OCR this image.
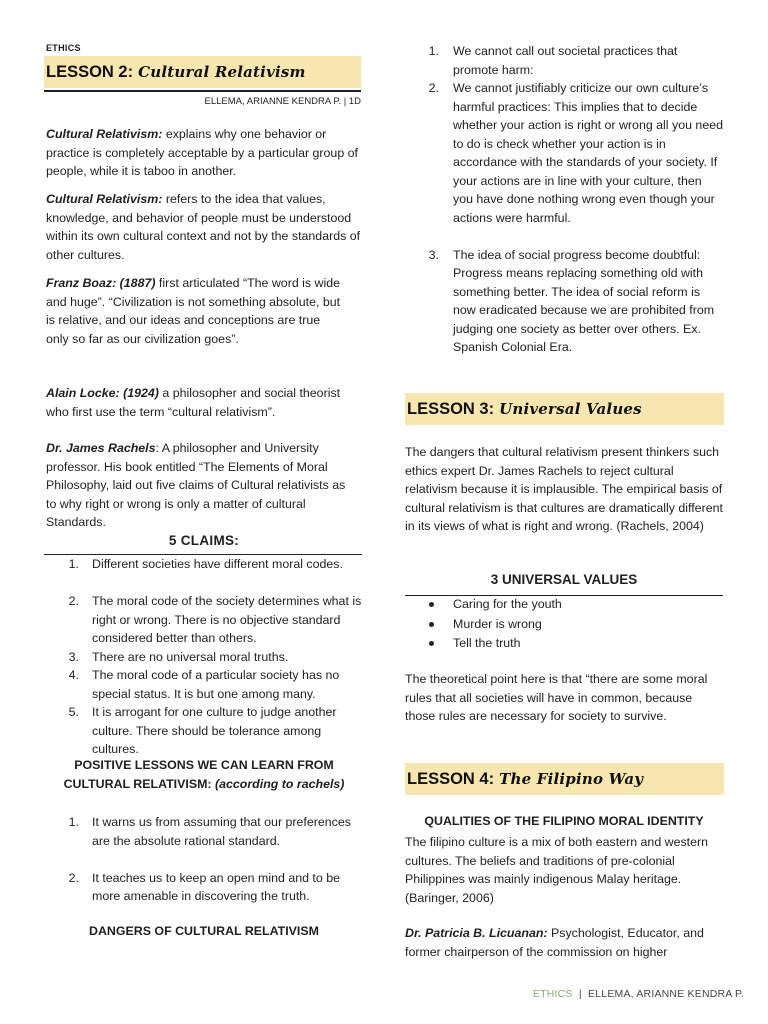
ETHICS
LESSON 2: Cultural Relativism
ELLEMA, ARIANNE KENDRA P. | 1D

Cultural Relativism: explains why one behavior or practice is completely acceptable by a particular group of people, while it is taboo in another.

Cultural Relativism: refers to the idea that values, knowledge, and behavior of people must be understood within its own cultural context and not by the standards of other cultures.

Franz Boaz: (1887) first articulated “The word is wide and huge”. “Civilization is not something absolute, but is relative, and our ideas and conceptions are true only so far as our civilization goes”.

Alain Locke: (1924) a philosopher and social theorist who first use the term “cultural relativism”.

Dr. James Rachels: A philosopher and University professor. His book entitled “The Elements of Moral Philosophy, laid out five claims of Cultural relativists as to why right or wrong is only a matter of cultural Standards.

5 CLAIMS:
1. Different societies have different moral codes.
2. The moral code of the society determines what is right or wrong. There is no objective standard considered better than others.
3. There are no universal moral truths.
4. The moral code of a particular society has no special status. It is but one among many.
5. It is arrogant for one culture to judge another culture. There should be tolerance among cultures.
POSITIVE LESSONS WE CAN LEARN FROM CULTURAL RELATIVISM: (according to rachels)
1. It warns us from assuming that our preferences are the absolute rational standard.
2. It teaches us to keep an open mind and to be more amenable in discovering the truth.
DANGERS OF CULTURAL RELATIVISM
1. We cannot call out societal practices that promote harm:
2. We cannot justifiably criticize our own culture’s harmful practices: This implies that to decide whether your action is right or wrong all you need to do is check whether your action is in accordance with the standards of your society. If your actions are in line with your culture, then you have done nothing wrong even though your actions were harmful.
3. The idea of social progress become doubtful: Progress means replacing something old with something better. The idea of social reform is now eradicated because we are prohibited from judging one society as better over others. Ex. Spanish Colonial Era.
LESSON 3: Universal Values

The dangers that cultural relativism present thinkers such ethics expert Dr. James Rachels to reject cultural relativism because it is implausible. The empirical basis of cultural relativism is that cultures are dramatically different in its views of what is right and wrong. (Rachels, 2004)

3 UNIVERSAL VALUES
Caring for the youth
Murder is wrong
Tell the truth

The theoretical point here is that “there are some moral rules that all societies will have in common, because those rules are necessary for society to survive.

LESSON 4: The Filipino Way
QUALITIES OF THE FILIPINO MORAL IDENTITY

The filipino culture is a mix of both eastern and western cultures. The beliefs and traditions of pre-colonial Philippines was mainly indigenous Malay heritage. (Baringer, 2006)

Dr. Patricia B. Licuanan: Psychologist, Educator, and former chairperson of the commission on higher

ETHICS  |  ELLEMA, ARIANNE KENDRA P.
